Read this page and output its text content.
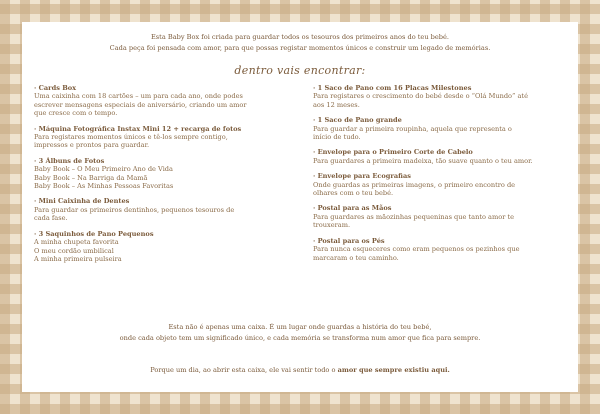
Esta Baby Box foi criada para guardar todos os tesouros dos primeiros anos do teu bebé.
Cada peça foi pensada com amor, para que possas registar momentos únicos e construir um legado de memórias.
dentro vais encontrar:
· Cards Box
Uma caixinha com 18 cartões – um para cada ano, onde podes
escrever mensagens especiais de aniversário, criando um amor
que cresce com o tempo.
· Máquina Fotográfica Instax Mini 12 + recarga de fotos
Para registares momentos únicos e tê-los sempre contigo,
impressos e prontos para guardar.
· 3 Álbuns de Fotos
Baby Book – O Meu Primeiro Ano de Vida
Baby Book – Na Barriga da Mamã
Baby Book – As Minhas Pessoas Favoritas
· Mini Caixinha de Dentes
Para guardar os primeiros dentinhos, pequenos tesouros de
cada fase.
· 3 Saquinhos de Pano Pequenos
A minha chupeta favorita
O meu cordão umbilical
A minha primeira pulseira
· 1 Saco de Pano com 16 Placas Milestones
Para registares o crescimento do bebé desde o “Olá Mundo” até
aos 12 meses.
· 1 Saco de Pano grande
Para guardar a primeira roupinha, aquela que representa o
início de tudo.
· Envelope para o Primeiro Corte de Cabelo
Para guardares a primeira madeixa, tão suave quanto o teu amor.
· Envelope para Ecografias
Onde guardas as primeiras imagens, o primeiro encontro de
olhares com o teu bebé.
· Postal para as Mãos
Para guardares as mãozinhas pequeninas que tanto amor te
trouxeram.
· Postal para os Pés
Para nunca esqueceres como eram pequenos os pezinhos que
marcaram o teu caminho.
Esta não é apenas uma caixa. É um lugar onde guardas a história do teu bebé,
onde cada objeto tem um significado único, e cada memória se transforma num amor que fica para sempre.
Porque um dia, ao abrir esta caixa, ele vai sentir todo o amor que sempre existiu aqui.
